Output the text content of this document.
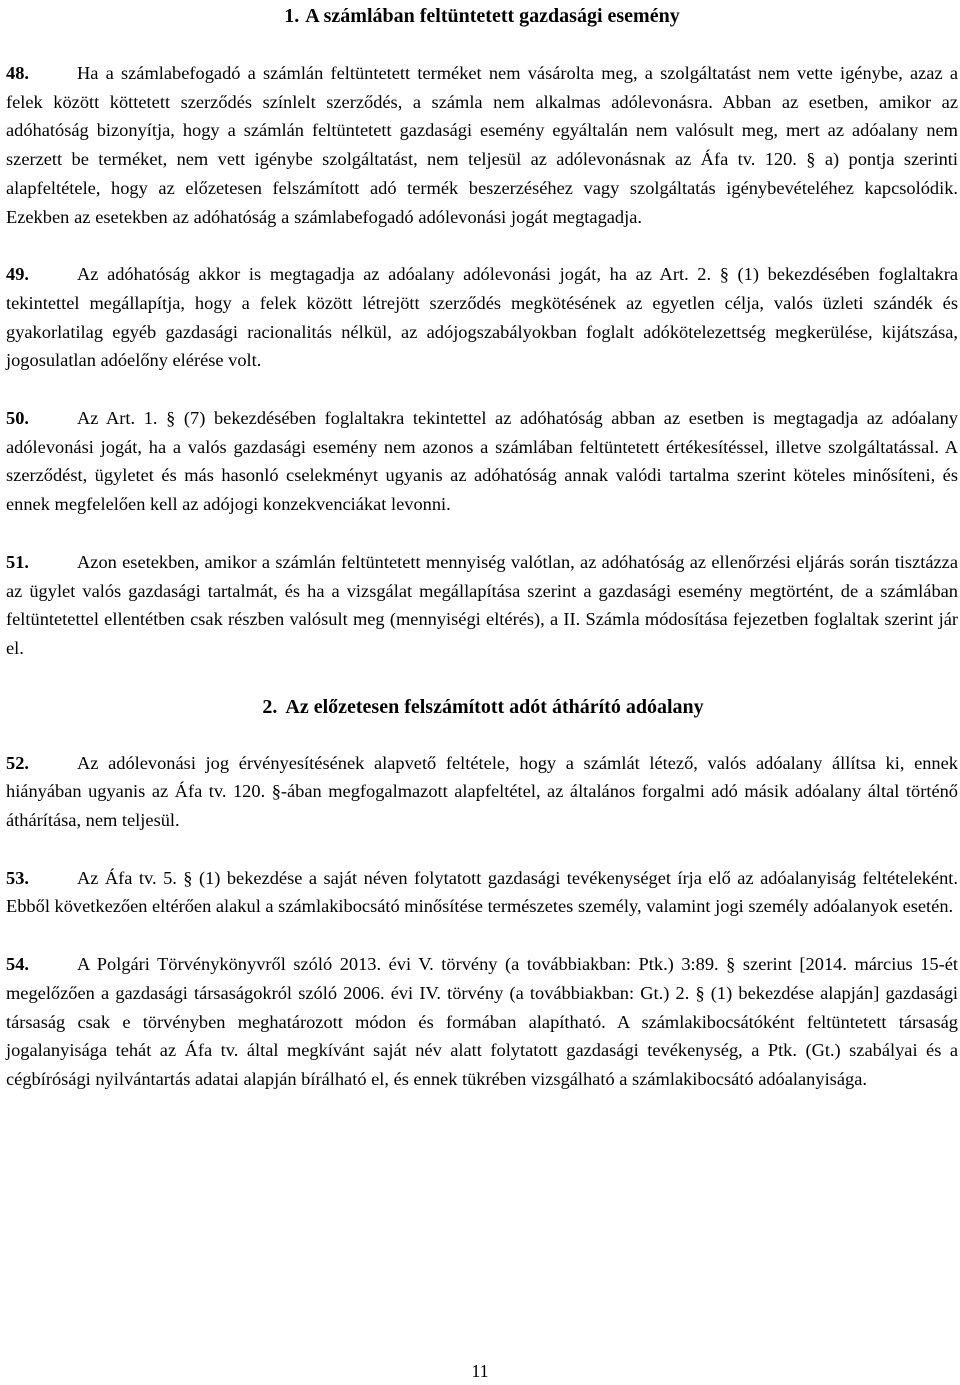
1. A számlában feltüntetett gazdasági esemény

48.	Ha a számlabefogadó a számlán feltüntetett terméket nem vásárolta meg, a szolgáltatást nem vette igénybe, azaz a felek között köttetett szerződés színlelt szerződés, a számla nem alkalmas adólevonásra. Abban az esetben, amikor az adóhatóság bizonyítja, hogy a számlán feltüntetett gazdasági esemény egyáltalán nem valósult meg, mert az adóalany nem szerzett be terméket, nem vett igénybe szolgáltatást, nem teljesül az adólevonásnak az Áfa tv. 120. § a) pontja szerinti alapfeltétele, hogy az előzetesen felszámított adó termék beszerzéséhez vagy szolgáltatás igénybevételéhez kapcsolódik. Ezekben az esetekben az adóhatóság a számlabefogadó adólevonási jogát megtagadja.

49.	Az adóhatóság akkor is megtagadja az adóalany adólevonási jogát, ha az Art. 2. § (1) bekezdésében foglaltakra tekintettel megállapítja, hogy a felek között létrejött szerződés megkötésének az egyetlen célja, valós üzleti szándék és gyakorlatilag egyéb gazdasági racionalitás nélkül, az adójogszabályokban foglalt adókötelezettség megkerülése, kijátszása, jogosulatlan adóelőny elérése volt.

50.	Az Art. 1. § (7) bekezdésében foglaltakra tekintettel az adóhatóság abban az esetben is megtagadja az adóalany adólevonási jogát, ha a valós gazdasági esemény nem azonos a számlában feltüntetett értékesítéssel, illetve szolgáltatással. A szerződést, ügyletet és más hasonló cselekményt ugyanis az adóhatóság annak valódi tartalma szerint köteles minősíteni, és ennek megfelelően kell az adójogi konzekvenciákat levonni.

51.	Azon esetekben, amikor a számlán feltüntetett mennyiség valótlan, az adóhatóság az ellenőrzési eljárás során tisztázza az ügylet valós gazdasági tartalmát, és ha a vizsgálat megállapítása szerint a gazdasági esemény megtörtént, de a számlában feltüntetettel ellentétben csak részben valósult meg (mennyiségi eltérés), a II. Számla módosítása fejezetben foglaltak szerint jár el.

2. Az előzetesen felszámított adót áthárító adóalany

52.	Az adólevonási jog érvényesítésének alapvető feltétele, hogy a számlát létező, valós adóalany állítsa ki, ennek hiányában ugyanis az Áfa tv. 120. §-ában megfogalmazott alapfeltétel, az általános forgalmi adó másik adóalany által történő áthárítása, nem teljesül.

53.	Az Áfa tv. 5. § (1) bekezdése a saját néven folytatott gazdasági tevékenységet írja elő az adóalanyiság feltételeként. Ebből következően eltérően alakul a számlakibocsátó minősítése természetes személy, valamint jogi személy adóalanyok esetén.

54.	A Polgári Törvénykönyvről szóló 2013. évi V. törvény (a továbbiakban: Ptk.) 3:89. § szerint [2014. március 15-ét megelőzően a gazdasági társaságokról szóló 2006. évi IV. törvény (a továbbiakban: Gt.) 2. § (1) bekezdése alapján] gazdasági társaság csak e törvényben meghatározott módon és formában alapítható. A számlakibocsátóként feltüntetett társaság jogalanyisága tehát az Áfa tv. által megkívánt saját név alatt folytatott gazdasági tevékenység, a Ptk. (Gt.) szabályai és a cégbírósági nyilvántartás adatai alapján bírálható el, és ennek tükrében vizsgálható a számlakibocsátó adóalanyisága.

11
